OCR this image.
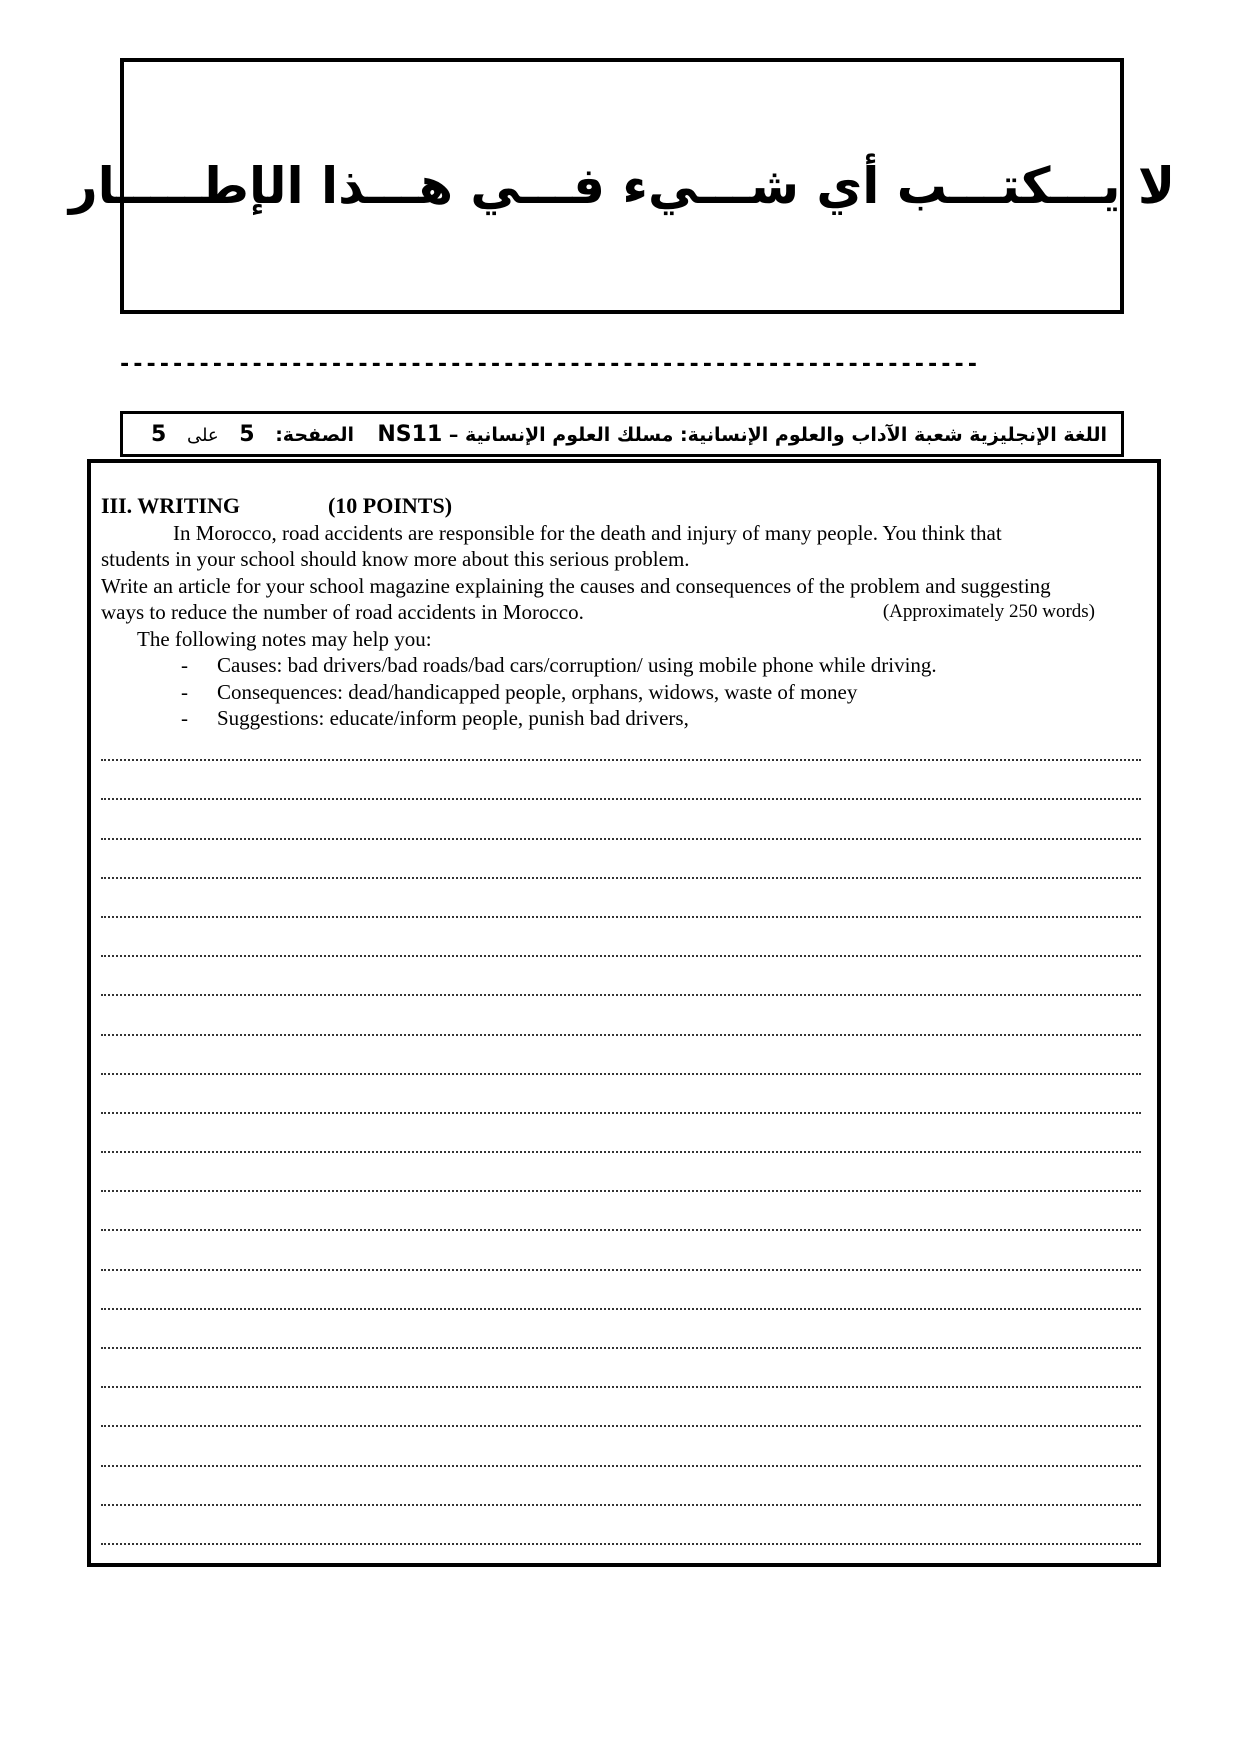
لا يـــكتـــب أي شـــيء فـــي هـــذا الإطـــــار
-----------------------------------------------------------------
اللغة الإنجليزية شعبة الآداب والعلوم الإنسانية: مسلك العلوم الإنسانية – NS11
الصفحة: 5 على 5
III. WRITING	(10 POINTS)
In Morocco, road accidents are responsible for the death and injury of many people. You think that
students in your school should know more about this serious problem.
Write an article for your school magazine explaining the causes and consequences of the problem and suggesting
ways to reduce the number of road accidents in Morocco.	(Approximately 250 words)
The following notes may help you:
- Causes: bad drivers/bad roads/bad cars/corruption/ using mobile phone while driving.
- Consequences: dead/handicapped people, orphans, widows, waste of money
- Suggestions: educate/inform people, punish bad drivers,
